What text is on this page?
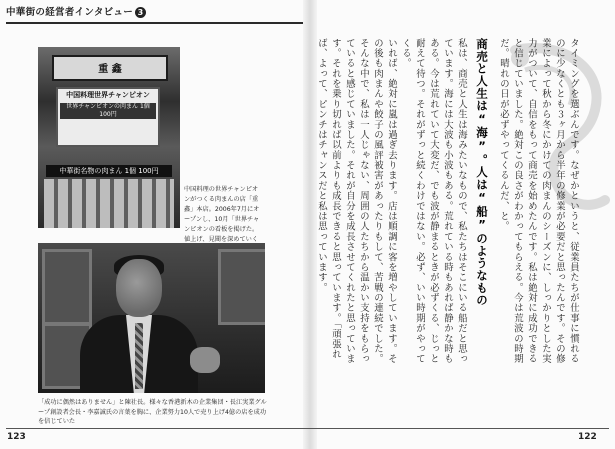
中華街の経営者インタビュー 3
重 鑫
中国料理世界チャンピオン
世界チャンピオンの肉まん 1個 100円
中華街名物の肉まん 1個 100円
中国料理の世界チャンピオンがつくる肉まんの店「重鑫」本店。2006年7月にオープンし、10月「世界チャンピオンの看板を掲げた。値上げ、見聞を深めていく
「成功に偶然はありません」と陳社長。様々な香港新木の企業集団・長江実業グループ創設者会長・李嘉誠氏の言葉を胸に、企業努力10人で売り上げ4億の店を成功を信じていた

タイミングを選ぶんです。なぜかというと、従業員たちが仕事に慣れるのに少なくとも３ヶ月から半年の修業が必要だと思ったんです。その修業によって秋から冬にかけての肉まんのシーズンに、しっかりとした実力がついて、自信をもって商売を始めたんです。私は絶対に成功できると信じていました。絶対この良さがわかってもらえる。今は荒波の時期だ。晴れの日が必ずやってくるんだ、と。

商売と人生は“海”。人は“船”のようなもの

私は、商売と人生は海みたいなもので、私たちはそこにいる船だと思っています。海には大波も小波もある。荒れている時もあれば静かな時もある。今は荒れていて大変だ、でも波が静まるときが必ずくる、じっと耐えて待つ。それがずっと続くわけではない。必ず、いい時期がやってくる。

いれば、絶対に嵐は過ぎ去ります。店は順調に客を増やしています。その後も肉まんや餃子の風評被害があったりもして、苦戦の連続でした。そんな中で、私は一人じゃない、周囲の人たちから温かい支持をもらっていると感じていました。それが自分を成長させてくれたと思っています。それを乗り切れば以前よりも成長できると思っています。「頑張れば、よって、ピンチはチャンスだと私は思っています。

123	122
